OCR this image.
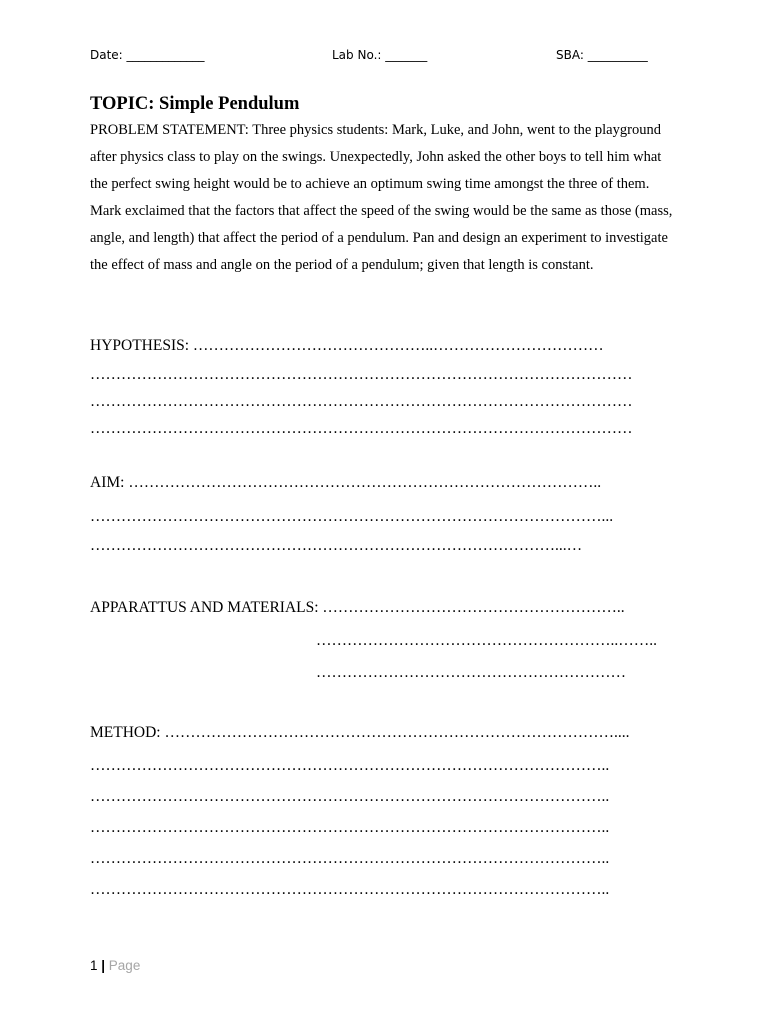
Date: _____________	Lab No.: _______	SBA: __________
TOPIC: Simple Pendulum

PROBLEM STATEMENT: Three physics students: Mark, Luke, and John, went to the playground after physics class to play on the swings. Unexpectedly, John asked the other boys to tell him what the perfect swing height would be to achieve an optimum swing time amongst the three of them. Mark exclaimed that the factors that affect the speed of the swing would be the same as those (mass, angle, and length) that affect the period of a pendulum. Pan and design an experiment to investigate the effect of mass and angle on the period of a pendulum; given that length is constant.

HYPOTHESIS: ………………………………………..……………………………
……………………………………………………………………………………………
……………………………………………………………………………………………
……………………………………………………………………………………………
AIM: ………………………………………………………………………………..
………………………………………………………………………………………...
………………………………………………………………………………...…
APPARATTUS AND MATERIALS: …………………………………………………..
…………………………………………………..……..
……………………………………………………
METHOD: ……………………………………………………………………………....
………………………………………………………………………………………..
………………………………………………………………………………………..
………………………………………………………………………………………..
………………………………………………………………………………………..
………………………………………………………………………………………..
1 | Page
